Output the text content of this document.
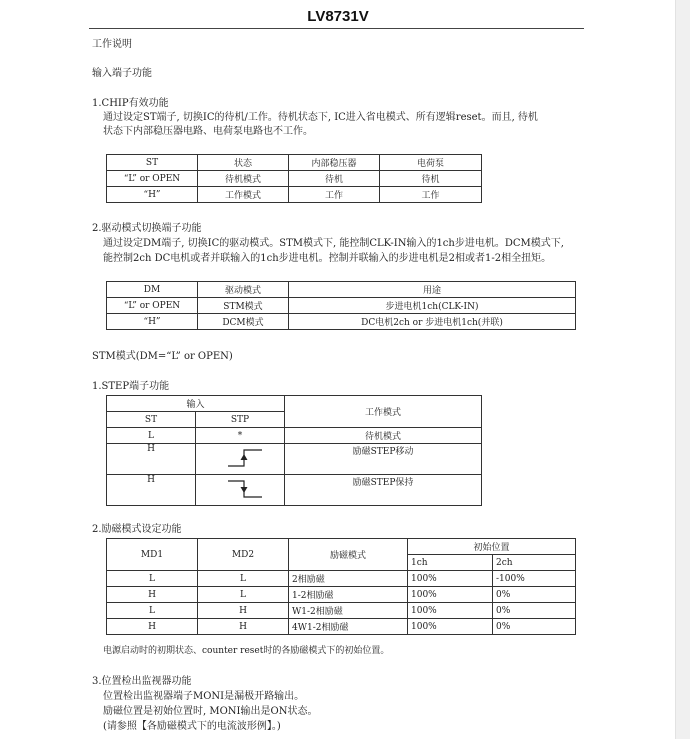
LV8731V
工作说明
输入端子功能
1.CHIP有效功能
通过设定ST端子, 切换IC的待机/工作。待机状态下, IC进入省电模式、所有逻辑reset。而且, 待机
状态下内部稳压器电路、电荷泵电路也不工作。
ST	状态	内部稳压器	电荷泵
“L” or OPEN	待机模式	待机	待机
“H”	工作模式	工作	工作
2.驱动模式切换端子功能
通过设定DM端子, 切换IC的驱动模式。STM模式下, 能控制CLK-IN输入的1ch步进电机。DCM模式下,
能控制2ch DC电机或者并联输入的1ch步进电机。控制并联输入的步进电机是2相或者1-2相全扭矩。
DM	驱动模式	用途
“L” or OPEN	STM模式	步进电机1ch(CLK-IN)
“H”	DCM模式	DC电机2ch or 步进电机1ch(并联)
STM模式(DM=“L” or OPEN)
1.STEP端子功能
输入		工作模式
ST	STP	
L	*	待机模式
H		励磁STEP移动
H		励磁STEP保持
2.励磁模式设定功能
MD1	MD2	励磁模式	初始位置	
			1ch	2ch
L	L	2相励磁	100%	-100%
H	L	1-2相励磁	100%	0%
L	H	W1-2相励磁	100%	0%
H	H	4W1-2相励磁	100%	0%
电源启动时的初期状态、counter reset时的各励磁模式下的初始位置。
3.位置检出监视器功能
位置检出监视器端子MONI是漏极开路输出。
励磁位置是初始位置时, MONI输出是ON状态。
(请参照【各励磁模式下的电流波形例】。)
